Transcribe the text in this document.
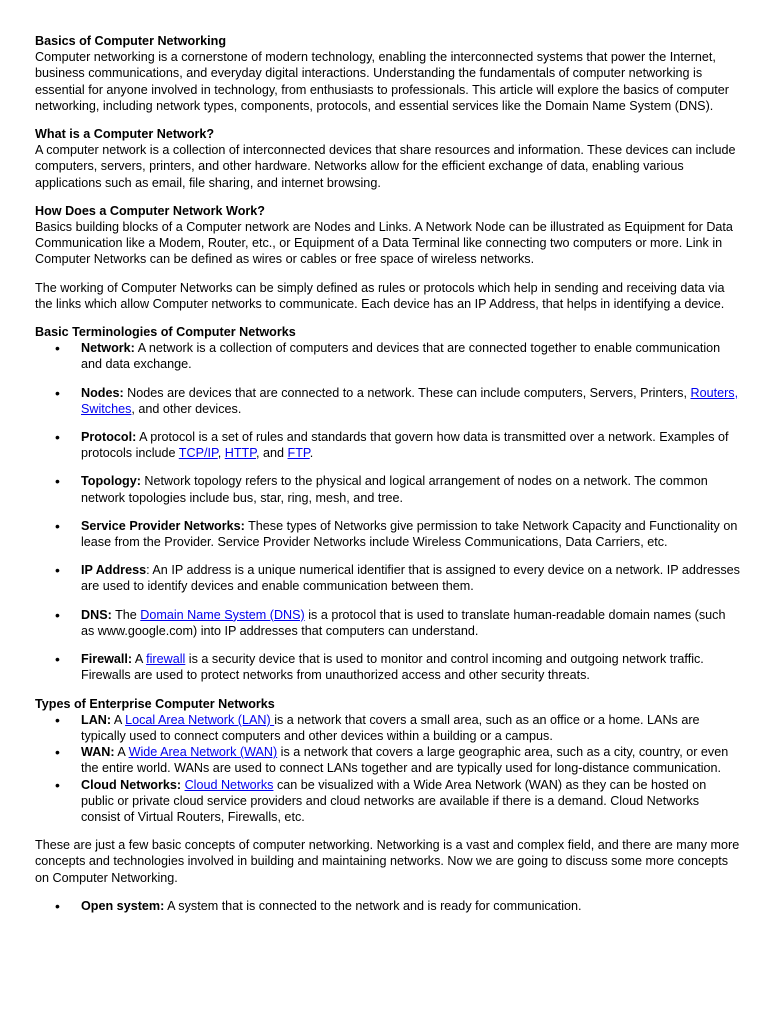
Basics of Computer Networking

Computer networking is a cornerstone of modern technology, enabling the interconnected systems that power the Internet, business communications, and everyday digital interactions. Understanding the fundamentals of computer networking is essential for anyone involved in technology, from enthusiasts to professionals. This article will explore the basics of computer networking, including network types, components, protocols, and essential services like the Domain Name System (DNS).

What is a Computer Network?

A computer network is a collection of interconnected devices that share resources and information. These devices can include computers, servers, printers, and other hardware. Networks allow for the efficient exchange of data, enabling various applications such as email, file sharing, and internet browsing.

How Does a Computer Network Work?

Basics building blocks of a Computer network are Nodes and Links. A Network Node can be illustrated as Equipment for Data Communication like a Modem, Router, etc., or Equipment of a Data Terminal like connecting two computers or more. Link in Computer Networks can be defined as wires or cables or free space of wireless networks.

The working of Computer Networks can be simply defined as rules or protocols which help in sending and receiving data via the links which allow Computer networks to communicate. Each device has an IP Address, that helps in identifying a device.

Basic Terminologies of Computer Networks

• Network: A network is a collection of computers and devices that are connected together to enable communication and data exchange.
• Nodes: Nodes are devices that are connected to a network. These can include computers, Servers, Printers, Routers, Switches, and other devices.
• Protocol: A protocol is a set of rules and standards that govern how data is transmitted over a network. Examples of protocols include TCP/IP, HTTP, and FTP.
• Topology: Network topology refers to the physical and logical arrangement of nodes on a network. The common network topologies include bus, star, ring, mesh, and tree.
• Service Provider Networks: These types of Networks give permission to take Network Capacity and Functionality on lease from the Provider. Service Provider Networks include Wireless Communications, Data Carriers, etc.
• IP Address: An IP address is a unique numerical identifier that is assigned to every device on a network. IP addresses are used to identify devices and enable communication between them.
• DNS: The Domain Name System (DNS) is a protocol that is used to translate human-readable domain names (such as www.google.com) into IP addresses that computers can understand.
• Firewall: A firewall is a security device that is used to monitor and control incoming and outgoing network traffic. Firewalls are used to protect networks from unauthorized access and other security threats.

Types of Enterprise Computer Networks

• LAN: A Local Area Network (LAN) is a network that covers a small area, such as an office or a home. LANs are typically used to connect computers and other devices within a building or a campus.
• WAN: A Wide Area Network (WAN) is a network that covers a large geographic area, such as a city, country, or even the entire world. WANs are used to connect LANs together and are typically used for long-distance communication.
• Cloud Networks: Cloud Networks can be visualized with a Wide Area Network (WAN) as they can be hosted on public or private cloud service providers and cloud networks are available if there is a demand. Cloud Networks consist of Virtual Routers, Firewalls, etc.

These are just a few basic concepts of computer networking. Networking is a vast and complex field, and there are many more concepts and technologies involved in building and maintaining networks. Now we are going to discuss some more concepts on Computer Networking.

• Open system: A system that is connected to the network and is ready for communication.
